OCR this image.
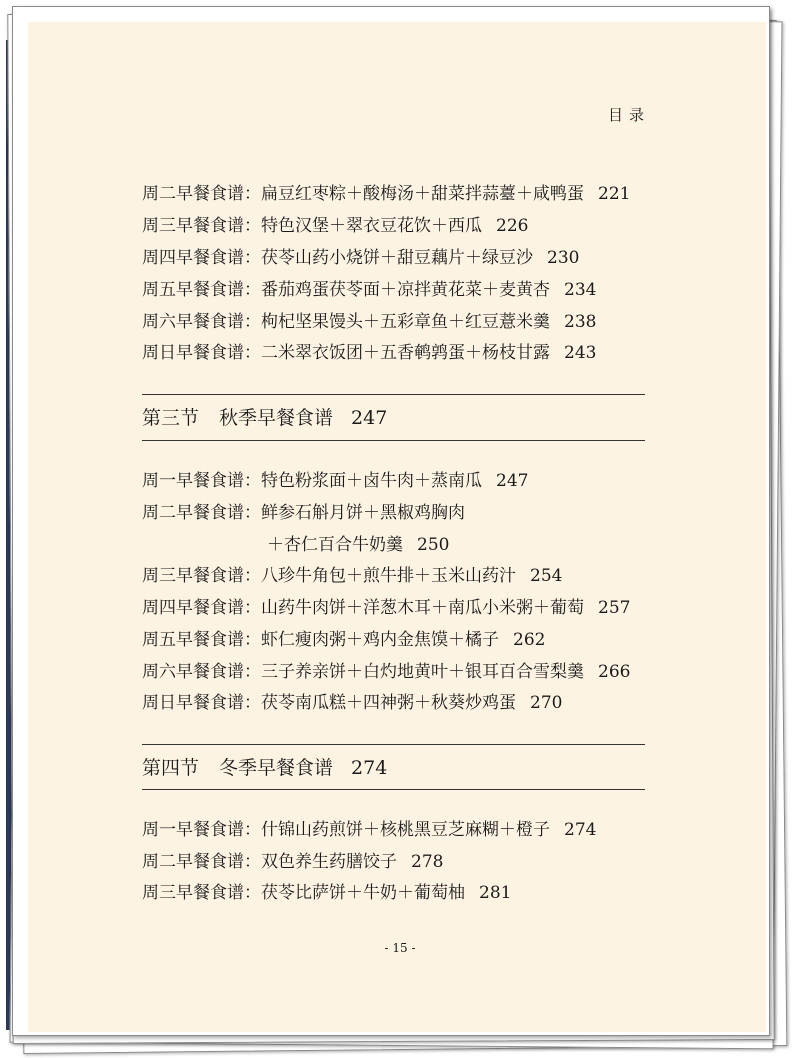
目录
周二早餐食谱：扁豆红枣粽＋酸梅汤＋甜菜拌蒜薹＋咸鸭蛋 221
周三早餐食谱：特色汉堡＋翠衣豆花饮＋西瓜 226
周四早餐食谱：茯苓山药小烧饼＋甜豆藕片＋绿豆沙 230
周五早餐食谱：番茄鸡蛋茯苓面＋凉拌黄花菜＋麦黄杏 234
周六早餐食谱：枸杞坚果馒头＋五彩章鱼＋红豆薏米羹 238
周日早餐食谱：二米翠衣饭团＋五香鹌鹑蛋＋杨枝甘露 243
第三节 秋季早餐食谱 247
周一早餐食谱：特色粉浆面＋卤牛肉＋蒸南瓜 247
周二早餐食谱：鲜参石斛月饼＋黑椒鸡胸肉
＋杏仁百合牛奶羹 250
周三早餐食谱：八珍牛角包＋煎牛排＋玉米山药汁 254
周四早餐食谱：山药牛肉饼＋洋葱木耳＋南瓜小米粥＋葡萄 257
周五早餐食谱：虾仁瘦肉粥＋鸡内金焦馍＋橘子 262
周六早餐食谱：三子养亲饼＋白灼地黄叶＋银耳百合雪梨羹 266
周日早餐食谱：茯苓南瓜糕＋四神粥＋秋葵炒鸡蛋 270
第四节 冬季早餐食谱 274
周一早餐食谱：什锦山药煎饼＋核桃黑豆芝麻糊＋橙子 274
周二早餐食谱：双色养生药膳饺子 278
周三早餐食谱：茯苓比萨饼＋牛奶＋葡萄柚 281
- 15 -
